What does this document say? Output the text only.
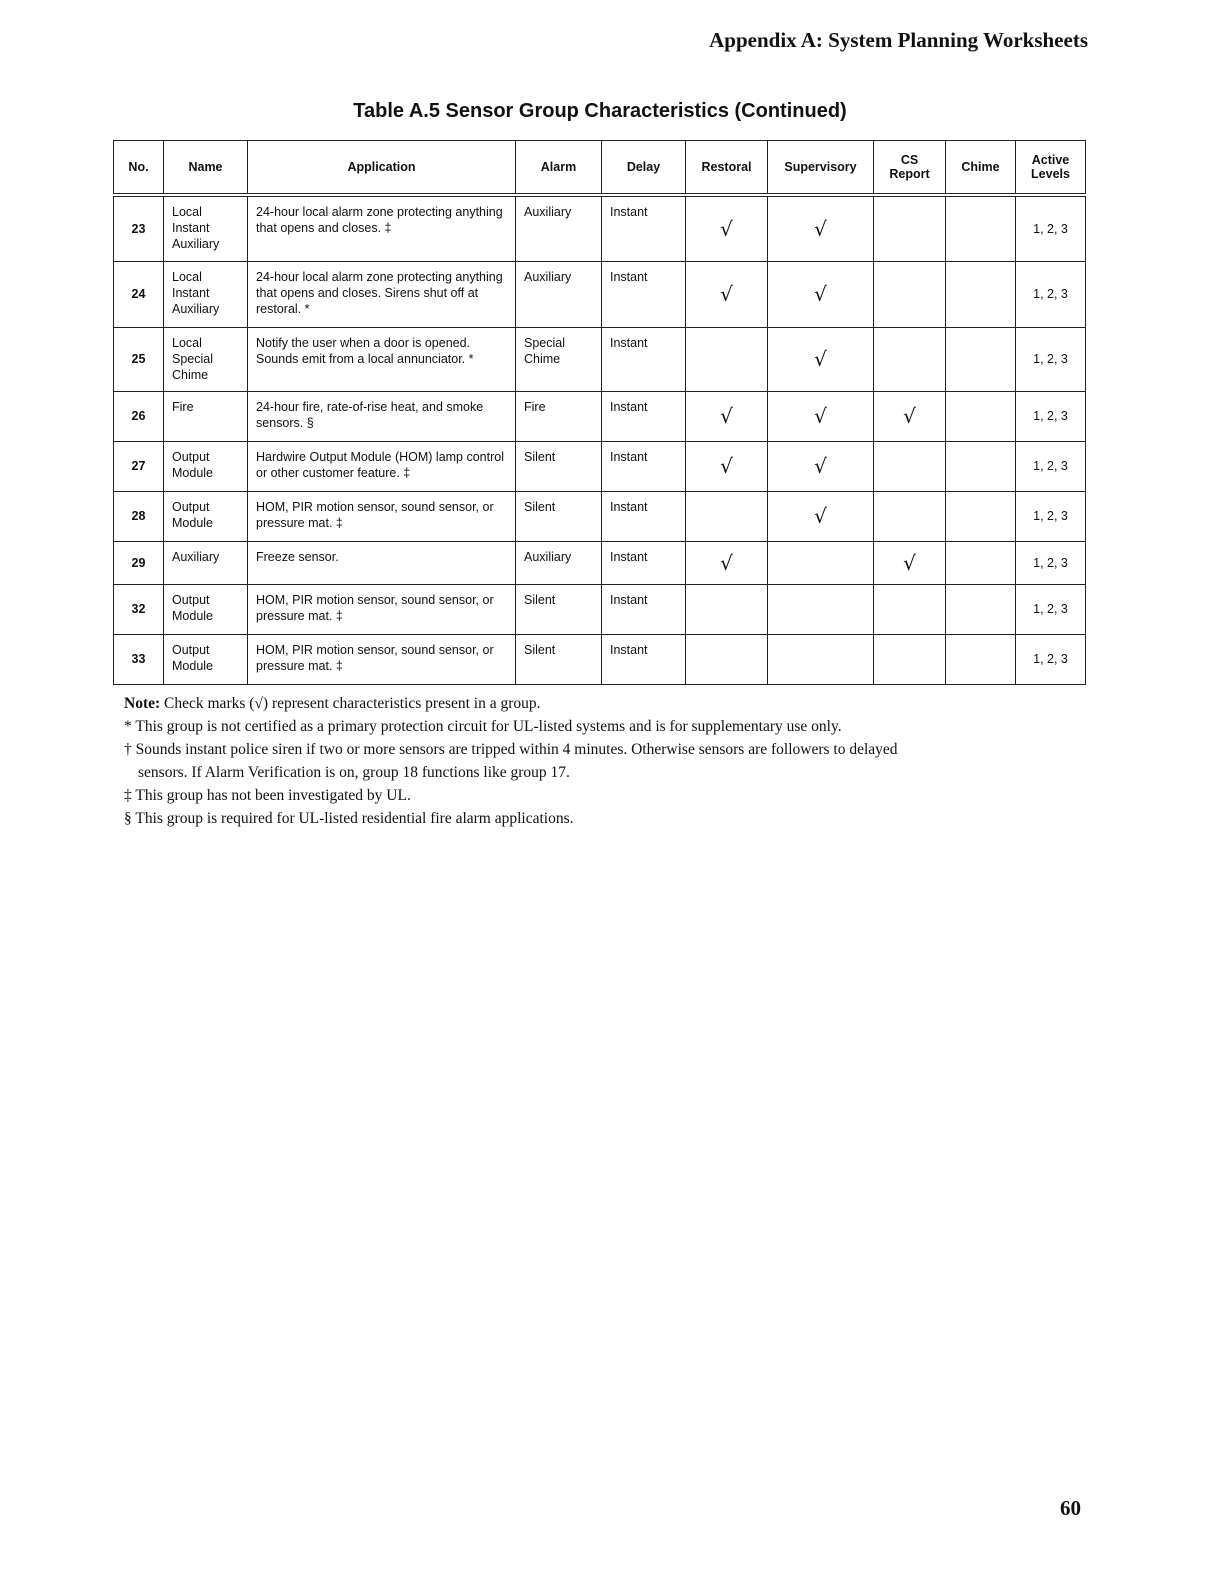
Appendix A: System Planning Worksheets
Table A.5 Sensor Group Characteristics (Continued)
No.	Name	Application	Alarm	Delay	Restoral	Supervisory	CS Report	Chime	Active Levels
23	Local Instant Auxiliary	24-hour local alarm zone protecting anything that opens and closes. ‡	Auxiliary	Instant	√	√			1, 2, 3
24	Local Instant Auxiliary	24-hour local alarm zone protecting anything that opens and closes. Sirens shut off at restoral. *	Auxiliary	Instant	√	√			1, 2, 3
25	Local Special Chime	Notify the user when a door is opened. Sounds emit from a local annunciator. *	Special Chime	Instant		√			1, 2, 3
26	Fire	24-hour fire, rate-of-rise heat, and smoke sensors. §	Fire	Instant	√	√	√		1, 2, 3
27	Output Module	Hardwire Output Module (HOM) lamp control or other customer feature. ‡	Silent	Instant	√	√			1, 2, 3
28	Output Module	HOM, PIR motion sensor, sound sensor, or pressure mat. ‡	Silent	Instant		√			1, 2, 3
29	Auxiliary	Freeze sensor.	Auxiliary	Instant	√		√		1, 2, 3
32	Output Module	HOM, PIR motion sensor, sound sensor, or pressure mat. ‡	Silent	Instant					1, 2, 3
33	Output Module	HOM, PIR motion sensor, sound sensor, or pressure mat. ‡	Silent	Instant					1, 2, 3

Note: Check marks (√) represent characteristics present in a group.

* This group is not certified as a primary protection circuit for UL-listed systems and is for supplementary use only.

† Sounds instant police siren if two or more sensors are tripped within 4 minutes. Otherwise sensors are followers to delayed

sensors. If Alarm Verification is on, group 18 functions like group 17.

‡ This group has not been investigated by UL.

§ This group is required for UL-listed residential fire alarm applications.

60
